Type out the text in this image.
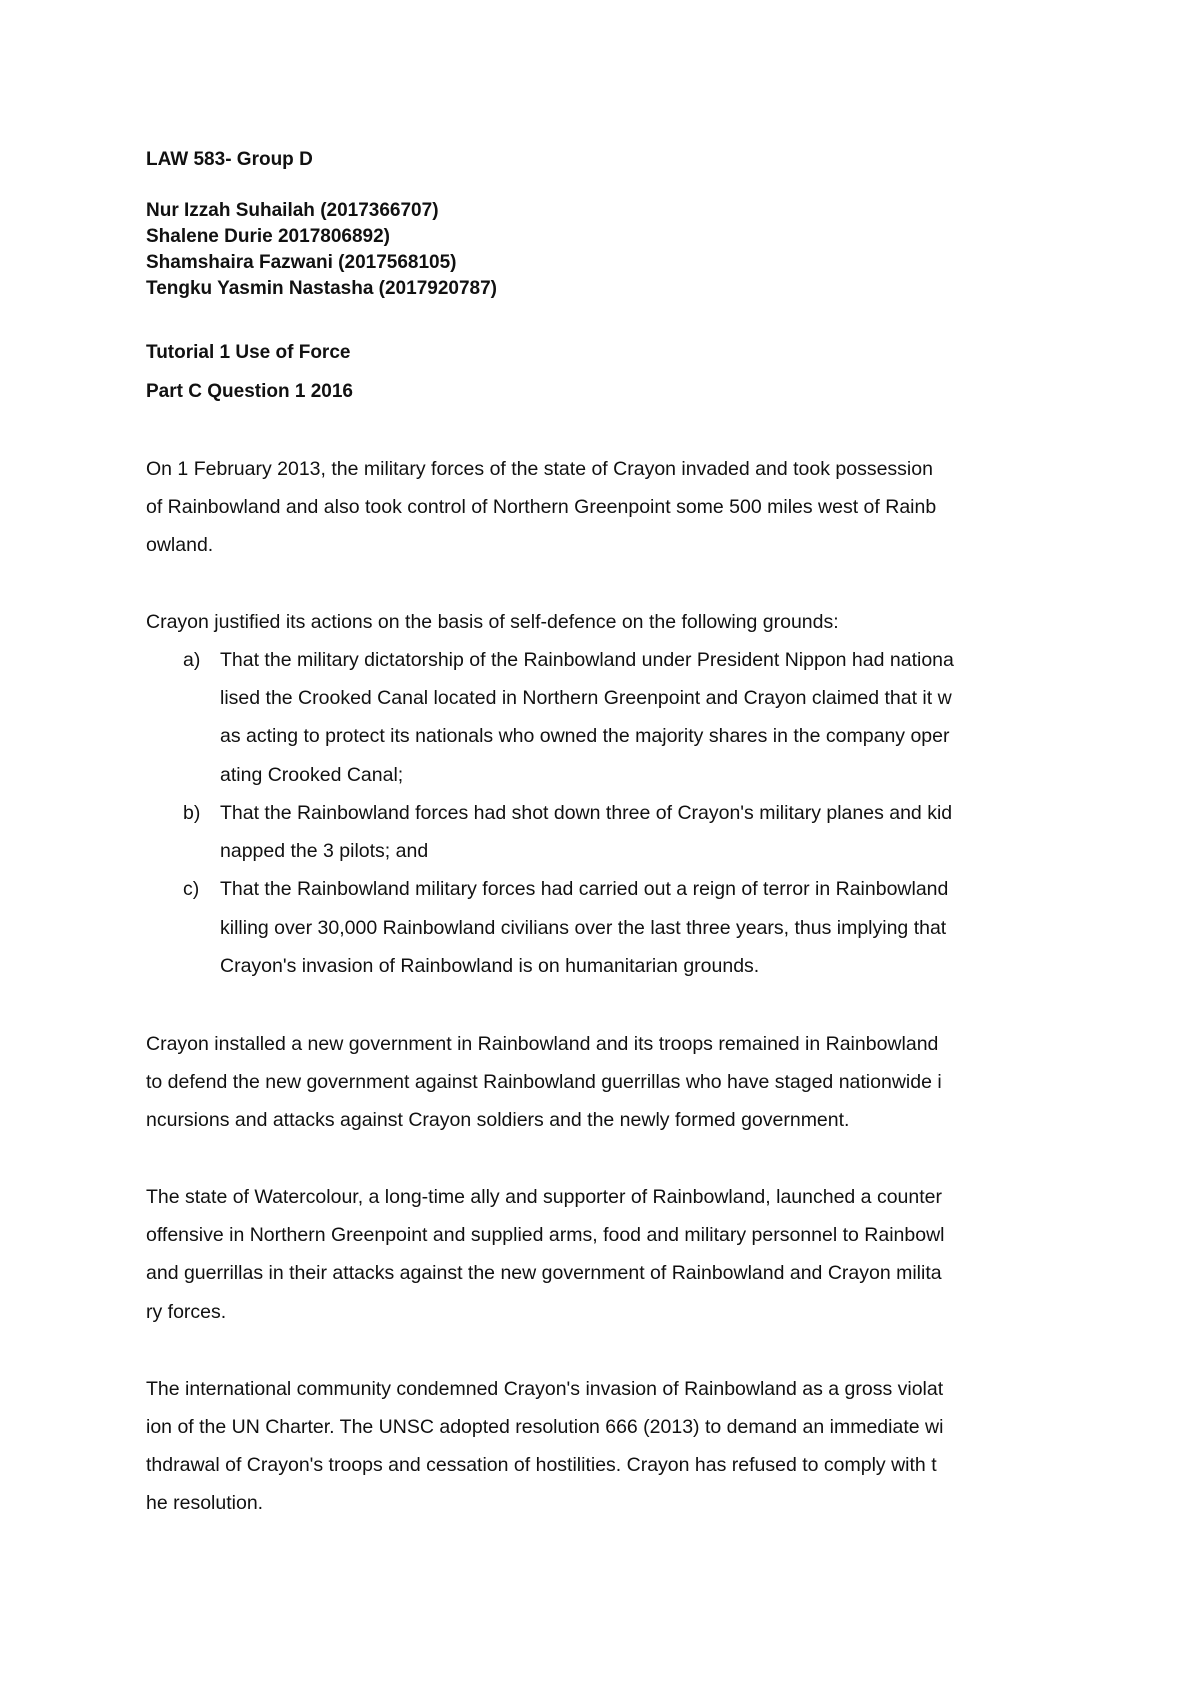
LAW 583- Group D
Nur Izzah Suhailah (2017366707)
Shalene Durie 2017806892)
Shamshaira Fazwani (2017568105)
Tengku Yasmin Nastasha (2017920787)
Tutorial 1 Use of Force
Part C Question 1 2016
On 1 February 2013, the military forces of the state of Crayon invaded and took possession
of Rainbowland and also took control of Northern Greenpoint some 500 miles west of Rainb
owland.
Crayon justified its actions on the basis of self-defence on the following grounds:
a) That the military dictatorship of the Rainbowland under President Nippon had nationa
lised the Crooked Canal located in Northern Greenpoint and Crayon claimed that it w
as acting to protect its nationals who owned the majority shares in the company oper
ating Crooked Canal;
b) That the Rainbowland forces had shot down three of Crayon's military planes and kid
napped the 3 pilots; and
c) That the Rainbowland military forces had carried out a reign of terror in Rainbowland
killing over 30,000 Rainbowland civilians over the last three years, thus implying that
Crayon's invasion of Rainbowland is on humanitarian grounds.
Crayon installed a new government in Rainbowland and its troops remained in Rainbowland
to defend the new government against Rainbowland guerrillas who have staged nationwide i
ncursions and attacks against Crayon soldiers and the newly formed government.
The state of Watercolour, a long-time ally and supporter of Rainbowland, launched a counter
offensive in Northern Greenpoint and supplied arms, food and military personnel to Rainbowl
and guerrillas in their attacks against the new government of Rainbowland and Crayon milita
ry forces.
The international community condemned Crayon's invasion of Rainbowland as a gross violat
ion of the UN Charter. The UNSC adopted resolution 666 (2013) to demand an immediate wi
thdrawal of Crayon's troops and cessation of hostilities. Crayon has refused to comply with t
he resolution.
